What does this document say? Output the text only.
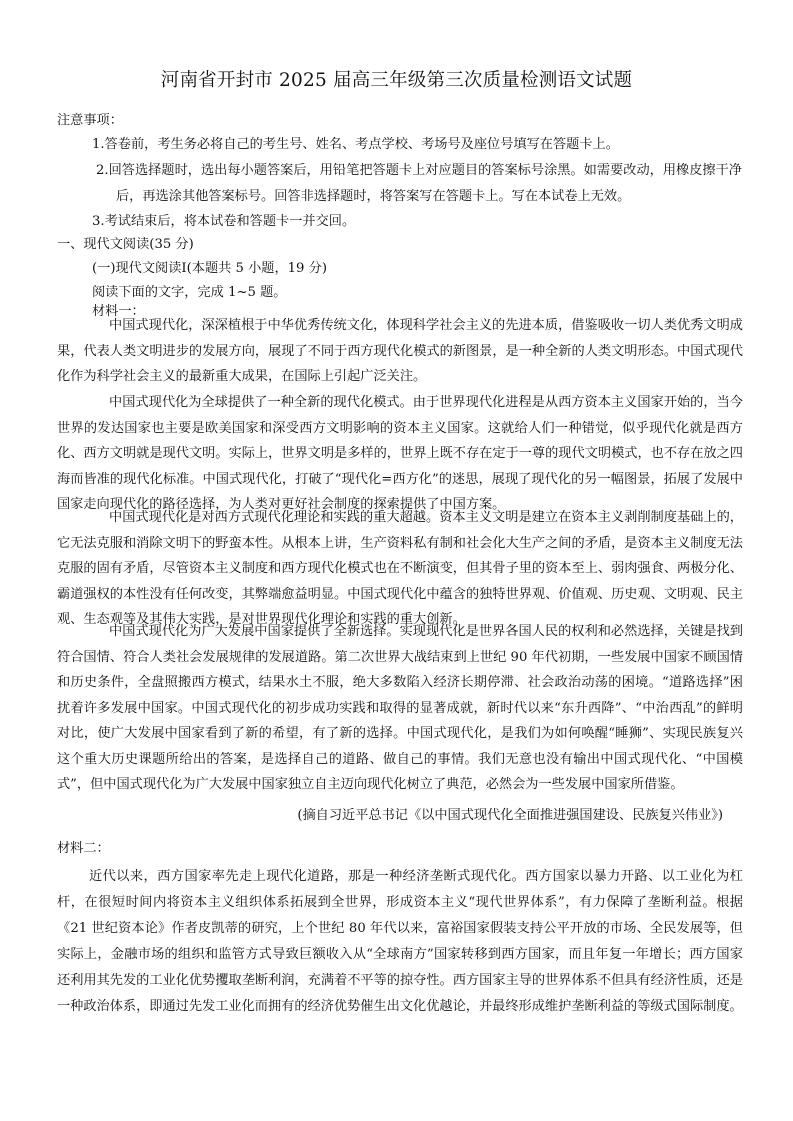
河南省开封市 2025 届高三年级第三次质量检测语文试题
注意事项：
1.答卷前，考生务必将自己的考生号、姓名、考点学校、考场号及座位号填写在答题卡上。
2.回答选择题时，选出每小题答案后，用铅笔把答题卡上对应题目的答案标号涂黑。如需要改动，用橡皮擦干净后，再选涂其他答案标号。回答非选择题时，将答案写在答题卡上。写在本试卷上无效。
3.考试结束后，将本试卷和答题卡一并交回。
一、现代文阅读(35 分)
(一)现代文阅读Ⅰ(本题共 5 小题，19 分)
阅读下面的文字，完成 1~5 题。
材料一：

中国式现代化，深深植根于中华优秀传统文化，体现科学社会主义的先进本质，借鉴吸收一切人类优秀文明成果，代表人类文明进步的发展方向，展现了不同于西方现代化模式的新图景，是一种全新的人类文明形态。中国式现代化作为科学社会主义的最新重大成果，在国际上引起广泛关注。

中国式现代化为全球提供了一种全新的现代化模式。由于世界现代化进程是从西方资本主义国家开始的，当今世界的发达国家也主要是欧美国家和深受西方文明影响的资本主义国家。这就给人们一种错觉，似乎现代化就是西方化、西方文明就是现代文明。实际上，世界文明是多样的，世界上既不存在定于一尊的现代文明模式，也不存在放之四海而皆准的现代化标准。中国式现代化，打破了“现代化=西方化”的迷思，展现了现代化的另一幅图景，拓展了发展中国家走向现代化的路径选择，为人类对更好社会制度的探索提供了中国方案。

中国式现代化是对西方式现代化理论和实践的重大超越。资本主义文明是建立在资本主义剥削制度基础上的，它无法克服和消除文明下的野蛮本性。从根本上讲，生产资料私有制和社会化大生产之间的矛盾，是资本主义制度无法克服的固有矛盾，尽管资本主义制度和西方现代化模式也在不断演变，但其骨子里的资本至上、弱肉强食、两极分化、霸道强权的本性没有任何改变，其弊端愈益明显。中国式现代化中蕴含的独特世界观、价值观、历史观、文明观、民主观、生态观等及其伟大实践，是对世界现代化理论和实践的重大创新。

中国式现代化为广大发展中国家提供了全新选择。实现现代化是世界各国人民的权利和必然选择，关键是找到符合国情、符合人类社会发展规律的发展道路。第二次世界大战结束到上世纪 90 年代初期，一些发展中国家不顾国情和历史条件，全盘照搬西方模式，结果水土不服，绝大多数陷入经济长期停滞、社会政治动荡的困境。“道路选择”困扰着许多发展中国家。中国式现代化的初步成功实践和取得的显著成就，新时代以来“东升西降”、“中治西乱”的鲜明对比，使广大发展中国家看到了新的希望，有了新的选择。中国式现代化，是我们为如何唤醒“睡狮”、实现民族复兴这个重大历史课题所给出的答案，是选择自己的道路、做自己的事情。我们无意也没有输出中国式现代化、“中国模式”，但中国式现代化为广大发展中国家独立自主迈向现代化树立了典范，必然会为一些发展中国家所借鉴。

(摘自习近平总书记《以中国式现代化全面推进强国建设、民族复兴伟业》)
材料二：

近代以来，西方国家率先走上现代化道路，那是一种经济垄断式现代化。西方国家以暴力开路、以工业化为杠杆，在很短时间内将资本主义组织体系拓展到全世界，形成资本主义“现代世界体系”，有力保障了垄断利益。根据《21 世纪资本论》作者皮凯蒂的研究，上个世纪 80 年代以来，富裕国家假装支持公平开放的市场、全民发展等，但实际上，金融市场的组织和监管方式导致巨额收入从“全球南方”国家转移到西方国家，而且年复一年增长；西方国家还利用其先发的工业化优势攫取垄断利润，充满着不平等的掠夺性。西方国家主导的世界体系不但具有经济性质，还是一种政治体系，即通过先发工业化而拥有的经济优势催生出文化优越论，并最终形成维护垄断利益的等级式国际制度。
